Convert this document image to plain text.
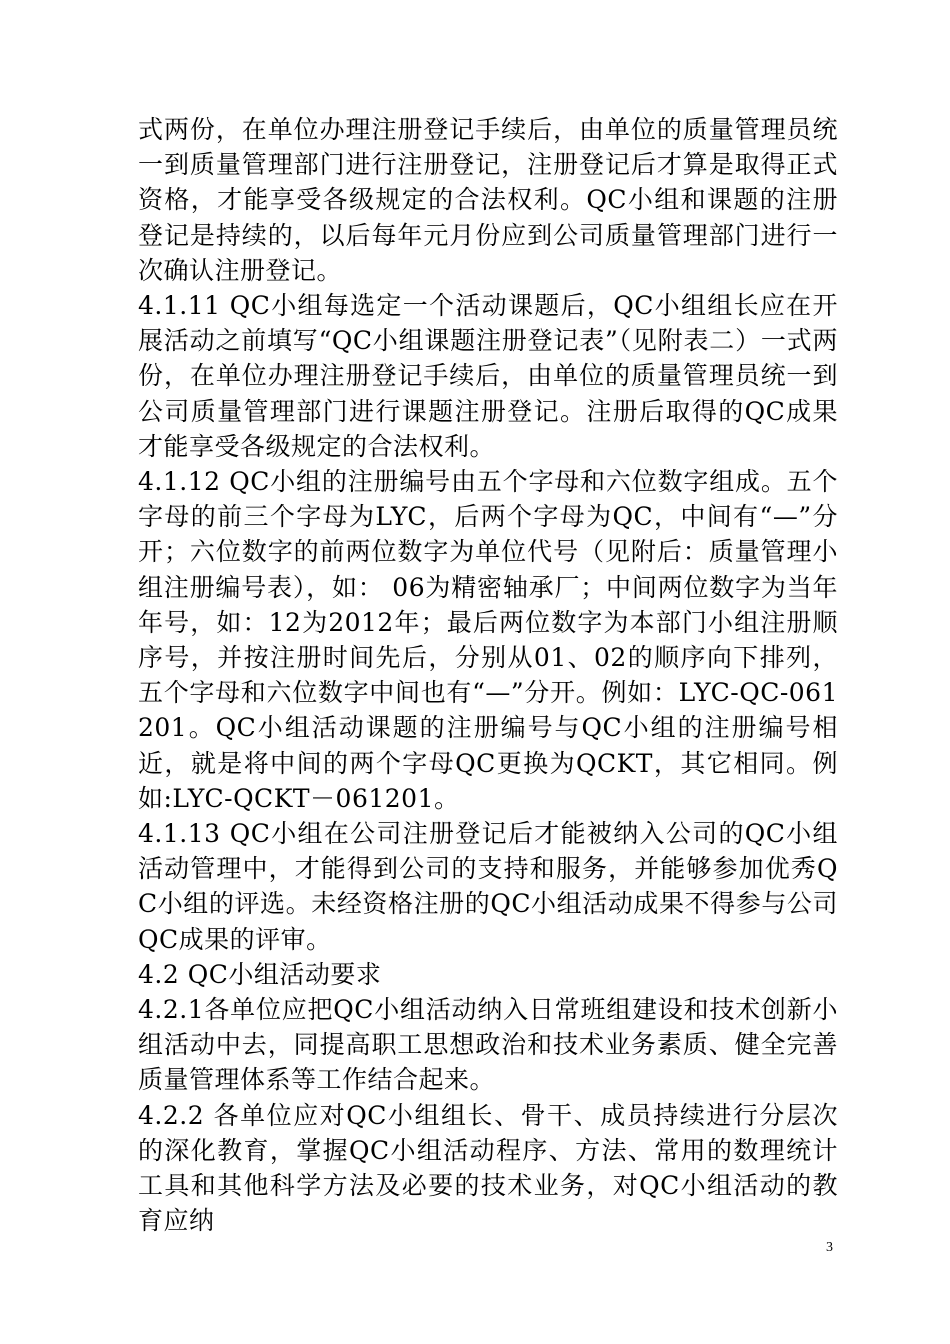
式两份，在单位办理注册登记手续后，由单位的质量管理员统一到质量管理部门进行注册登记，注册登记后才算是取得正式资格，才能享受各级规定的合法权利。QC小组和课题的注册登记是持续的，以后每年元月份应到公司质量管理部门进行一次确认注册登记。

4.1.11 QC小组每选定一个活动课题后，QC小组组长应在开展活动之前填写“QC小组课题注册登记表”（见附表二）一式两份，在单位办理注册登记手续后，由单位的质量管理员统一到公司质量管理部门进行课题注册登记。注册后取得的QC成果才能享受各级规定的合法权利。

4.1.12 QC小组的注册编号由五个字母和六位数字组成。五个字母的前三个字母为LYC，后两个字母为QC，中间有“—”分开；六位数字的前两位数字为单位代号（见附后：质量管理小组注册编号表），如： 06为精密轴承厂；中间两位数字为当年年号，如：12为2012年；最后两位数字为本部门小组注册顺序号，并按注册时间先后，分别从01、02的顺序向下排列，五个字母和六位数字中间也有“—”分开。例如：LYC-QC-061201。QC小组活动课题的注册编号与QC小组的注册编号相近，就是将中间的两个字母QC更换为QCKT，其它相同。例如:LYC-QCKT－061201。

4.1.13 QC小组在公司注册登记后才能被纳入公司的QC小组活动管理中，才能得到公司的支持和服务，并能够参加优秀QC小组的评选。未经资格注册的QC小组活动成果不得参与公司QC成果的评审。

4.2 QC小组活动要求

4.2.1各单位应把QC小组活动纳入日常班组建设和技术创新小组活动中去，同提高职工思想政治和技术业务素质、健全完善质量管理体系等工作结合起来。

4.2.2 各单位应对QC小组组长、骨干、成员持续进行分层次的深化教育，掌握QC小组活动程序、方法、常用的数理统计工具和其他科学方法及必要的技术业务，对QC小组活动的教育应纳

3
